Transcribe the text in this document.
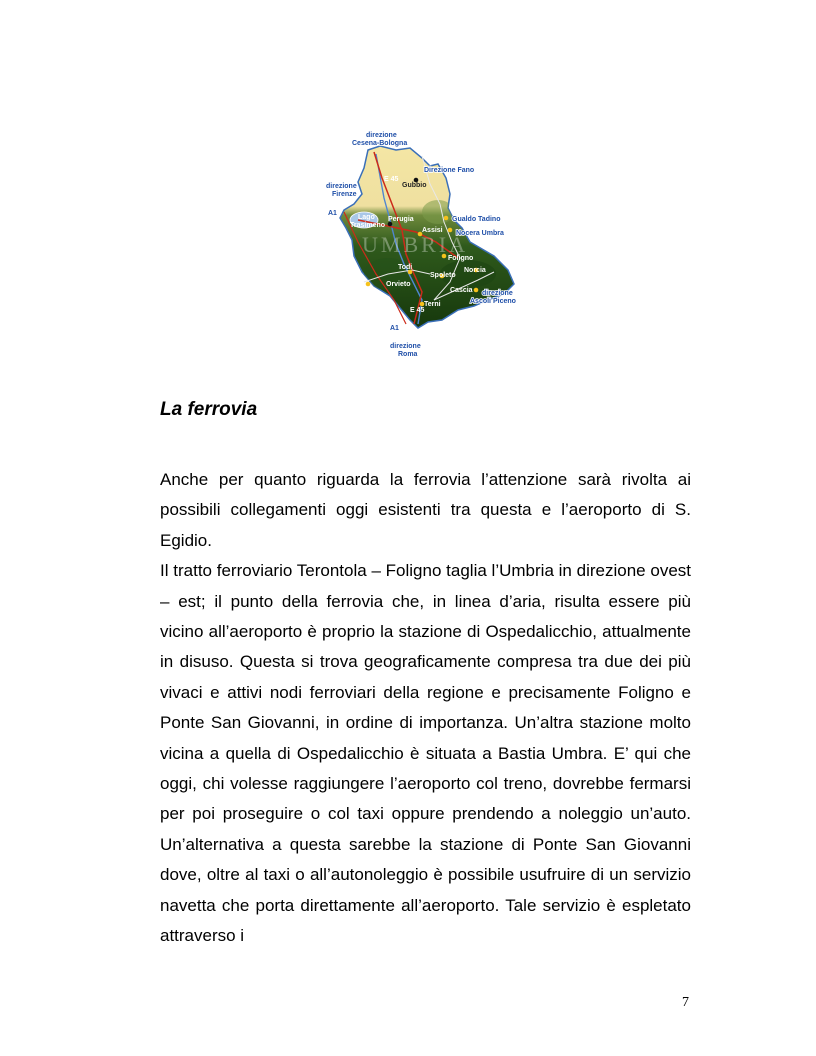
UMBRIA
direzione
Cesena-Bologna
Direzione Fano
direzione
Firenze
A1
E 45
Gubbio
Lago
Trasimeno
Perugia
Assisi
Gualdo Tadino
Nocera Umbra
Foligno
Norcia
Todi
Spoleto
Orvieto
Cascia direzione
Ascoli Piceno
Terni
E 45
A1
direzione
Roma
La ferrovia

Anche per quanto riguarda la ferrovia l’attenzione sarà rivolta ai possibili collegamenti oggi esistenti tra questa e l’aeroporto di S. Egidio.

Il tratto ferroviario Terontola – Foligno taglia l’Umbria in direzione ovest – est; il punto della ferrovia che, in linea d’aria, risulta essere più vicino all’aeroporto è proprio la stazione di Ospedalicchio, attualmente in disuso. Questa si trova geograficamente compresa tra due dei più vivaci e attivi nodi ferroviari della regione e precisamente Foligno e Ponte San Giovanni, in ordine di importanza. Un’altra stazione molto vicina a quella di Ospedalicchio è situata a Bastia Umbra. E’ qui che oggi, chi volesse raggiungere l’aeroporto col treno, dovrebbe fermarsi per poi proseguire o col taxi oppure prendendo a noleggio un’auto. Un’alternativa a questa sarebbe la stazione di Ponte San Giovanni dove, oltre al taxi o all’autonoleggio è possibile usufruire di un servizio navetta che porta direttamente all’aeroporto. Tale servizio è espletato attraverso i

7
